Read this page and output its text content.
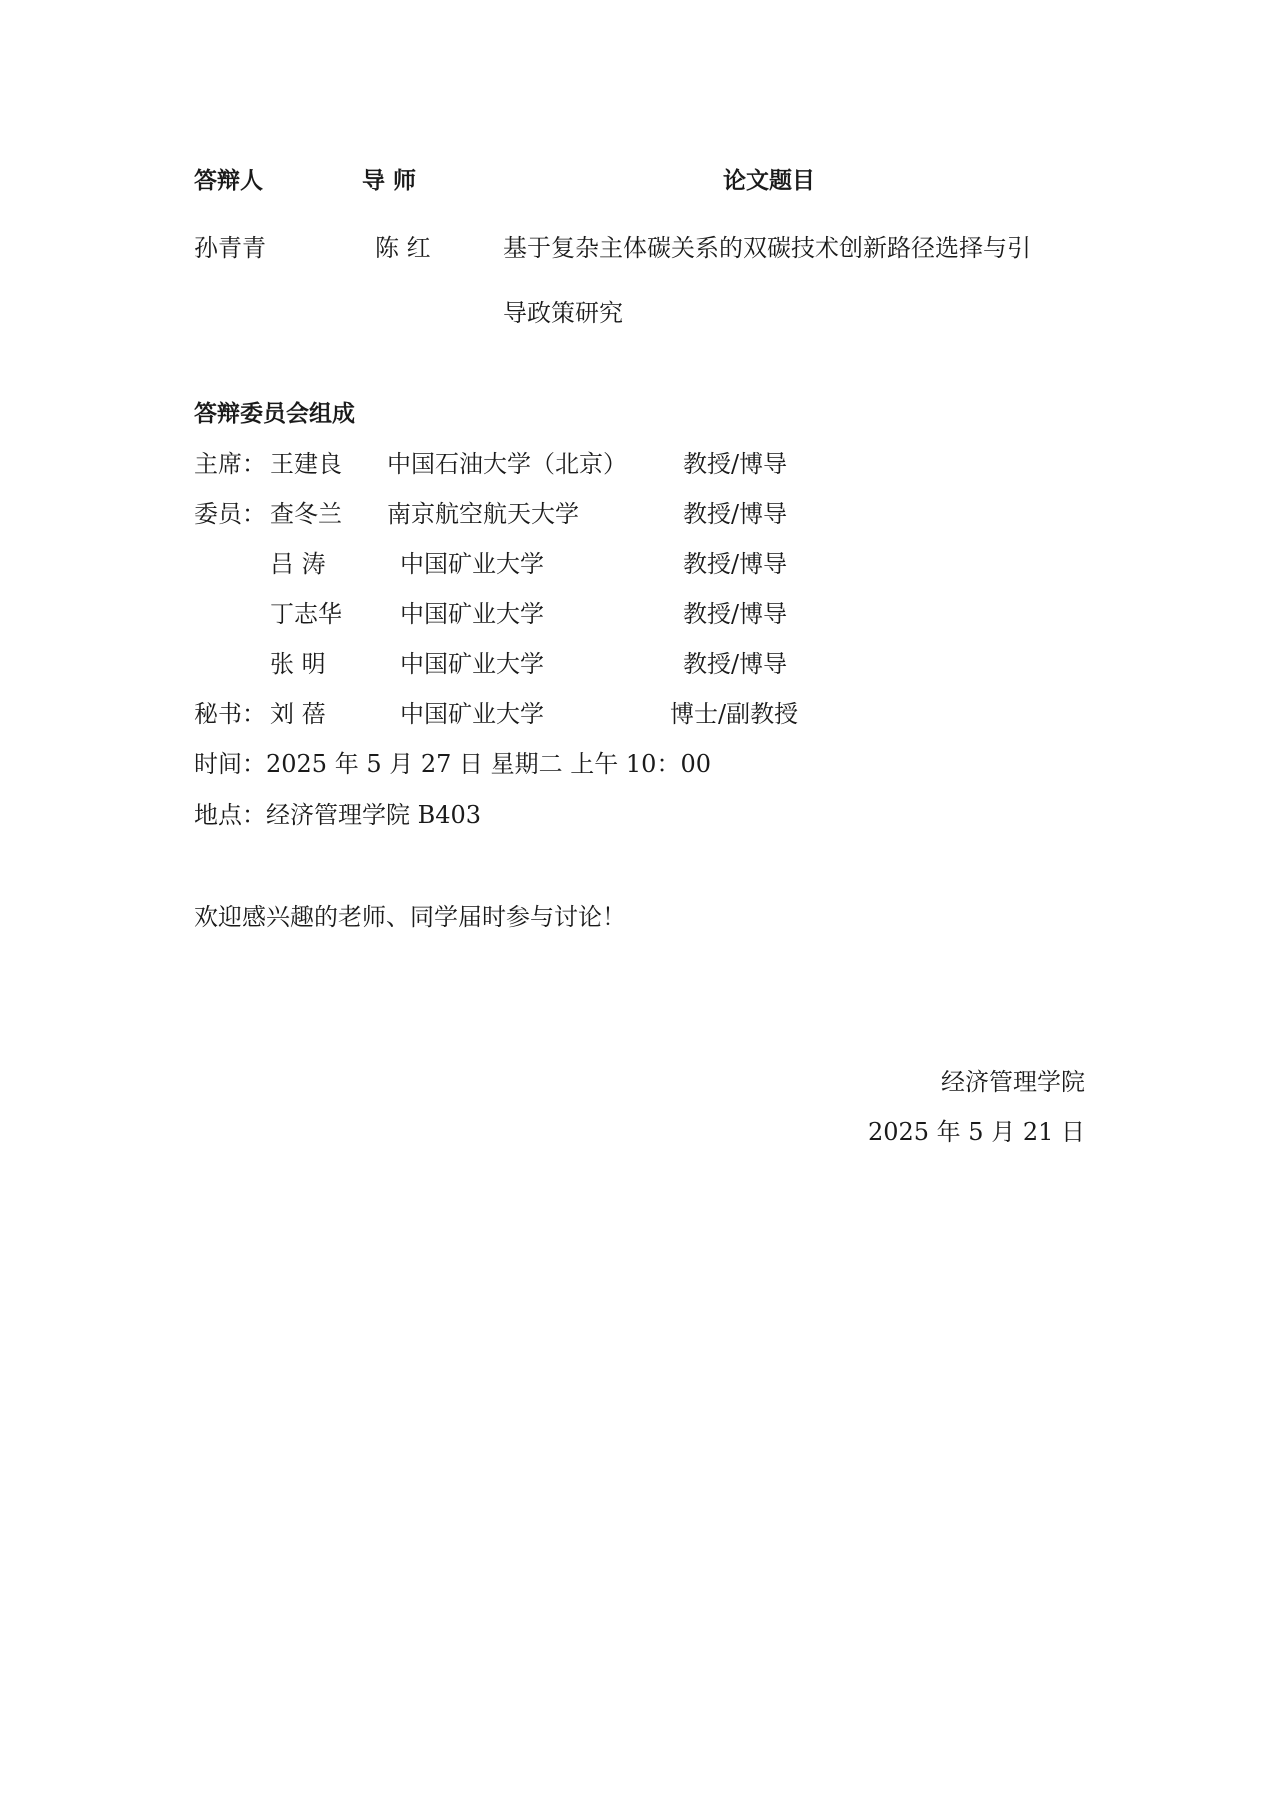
答辩人	导 师	论文题目
孙青青	陈 红	基于复杂主体碳关系的双碳技术创新路径选择与引
导政策研究
答辩委员会组成
主席： 王建良 中国石油大学（北京） 教授/博导
委员： 查冬兰 南京航空航天大学	教授/博导
吕 涛	中国矿业大学	教授/博导
丁志华 中国矿业大学	教授/博导
张 明	中国矿业大学	教授/博导
秘书： 刘 蓓	中国矿业大学	博士/副教授
时间：2025 年 5 月 27 日 星期二 上午 10：00
地点：经济管理学院 B403
欢迎感兴趣的老师、同学届时参与讨论！
经济管理学院
2025 年 5 月 21 日
